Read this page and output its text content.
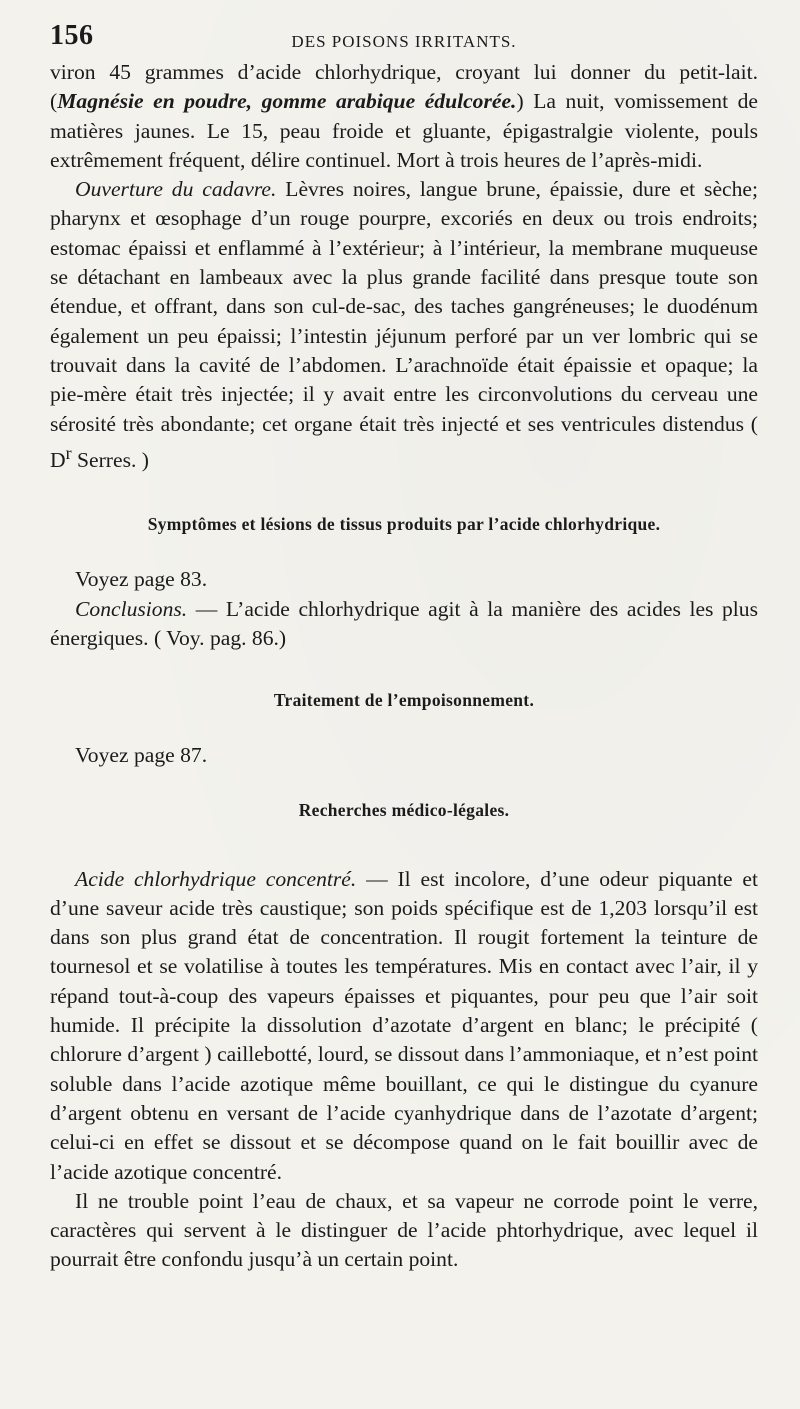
156	DES POISONS IRRITANTS.

viron 45 grammes d’acide chlorhydrique, croyant lui donner du petit-lait. (Magnésie en poudre, gomme arabique édulcorée.) La nuit, vomissement de matières jaunes. Le 15, peau froide et gluante, épigastralgie violente, pouls extrêmement fréquent, délire continuel. Mort à trois heures de l’après-midi.

Ouverture du cadavre. Lèvres noires, langue brune, épaissie, dure et sèche; pharynx et œsophage d’un rouge pourpre, excoriés en deux ou trois endroits; estomac épaissi et enflammé à l’extérieur; à l’intérieur, la membrane muqueuse se détachant en lambeaux avec la plus grande facilité dans presque toute son étendue, et offrant, dans son cul-de-sac, des taches gangréneuses; le duodénum également un peu épaissi; l’intestin jéjunum perforé par un ver lombric qui se trouvait dans la cavité de l’abdomen. L’arachnoïde était épaissie et opaque; la pie-mère était très injectée; il y avait entre les circonvolutions du cerveau une sérosité très abondante; cet organe était très injecté et ses ventricules distendus ( $D^r$ Serres. )

Symptômes et lésions de tissus produits par l’acide chlorhydrique.

Voyez page 83.

Conclusions. — L’acide chlorhydrique agit à la manière des acides les plus énergiques. ( Voy. pag. 86.)

Traitement de l’empoisonnement.

Voyez page 87.

Recherches médico-légales.

Acide chlorhydrique concentré. — Il est incolore, d’une odeur piquante et d’une saveur acide très caustique; son poids spécifique est de 1,203 lorsqu’il est dans son plus grand état de concentration. Il rougit fortement la teinture de tournesol et se volatilise à toutes les températures. Mis en contact avec l’air, il y répand tout-à-coup des vapeurs épaisses et piquantes, pour peu que l’air soit humide. Il précipite la dissolution d’azotate d’argent en blanc; le précipité ( chlorure d’argent ) caillebotté, lourd, se dissout dans l’ammoniaque, et n’est point soluble dans l’acide azotique même bouillant, ce qui le distingue du cyanure d’argent obtenu en versant de l’acide cyanhydrique dans de l’azotate d’argent; celui-ci en effet se dissout et se décompose quand on le fait bouillir avec de l’acide azotique concentré.

Il ne trouble point l’eau de chaux, et sa vapeur ne corrode point le verre, caractères qui servent à le distinguer de l’acide phtorhydrique, avec lequel il pourrait être confondu jusqu’à un certain point.
